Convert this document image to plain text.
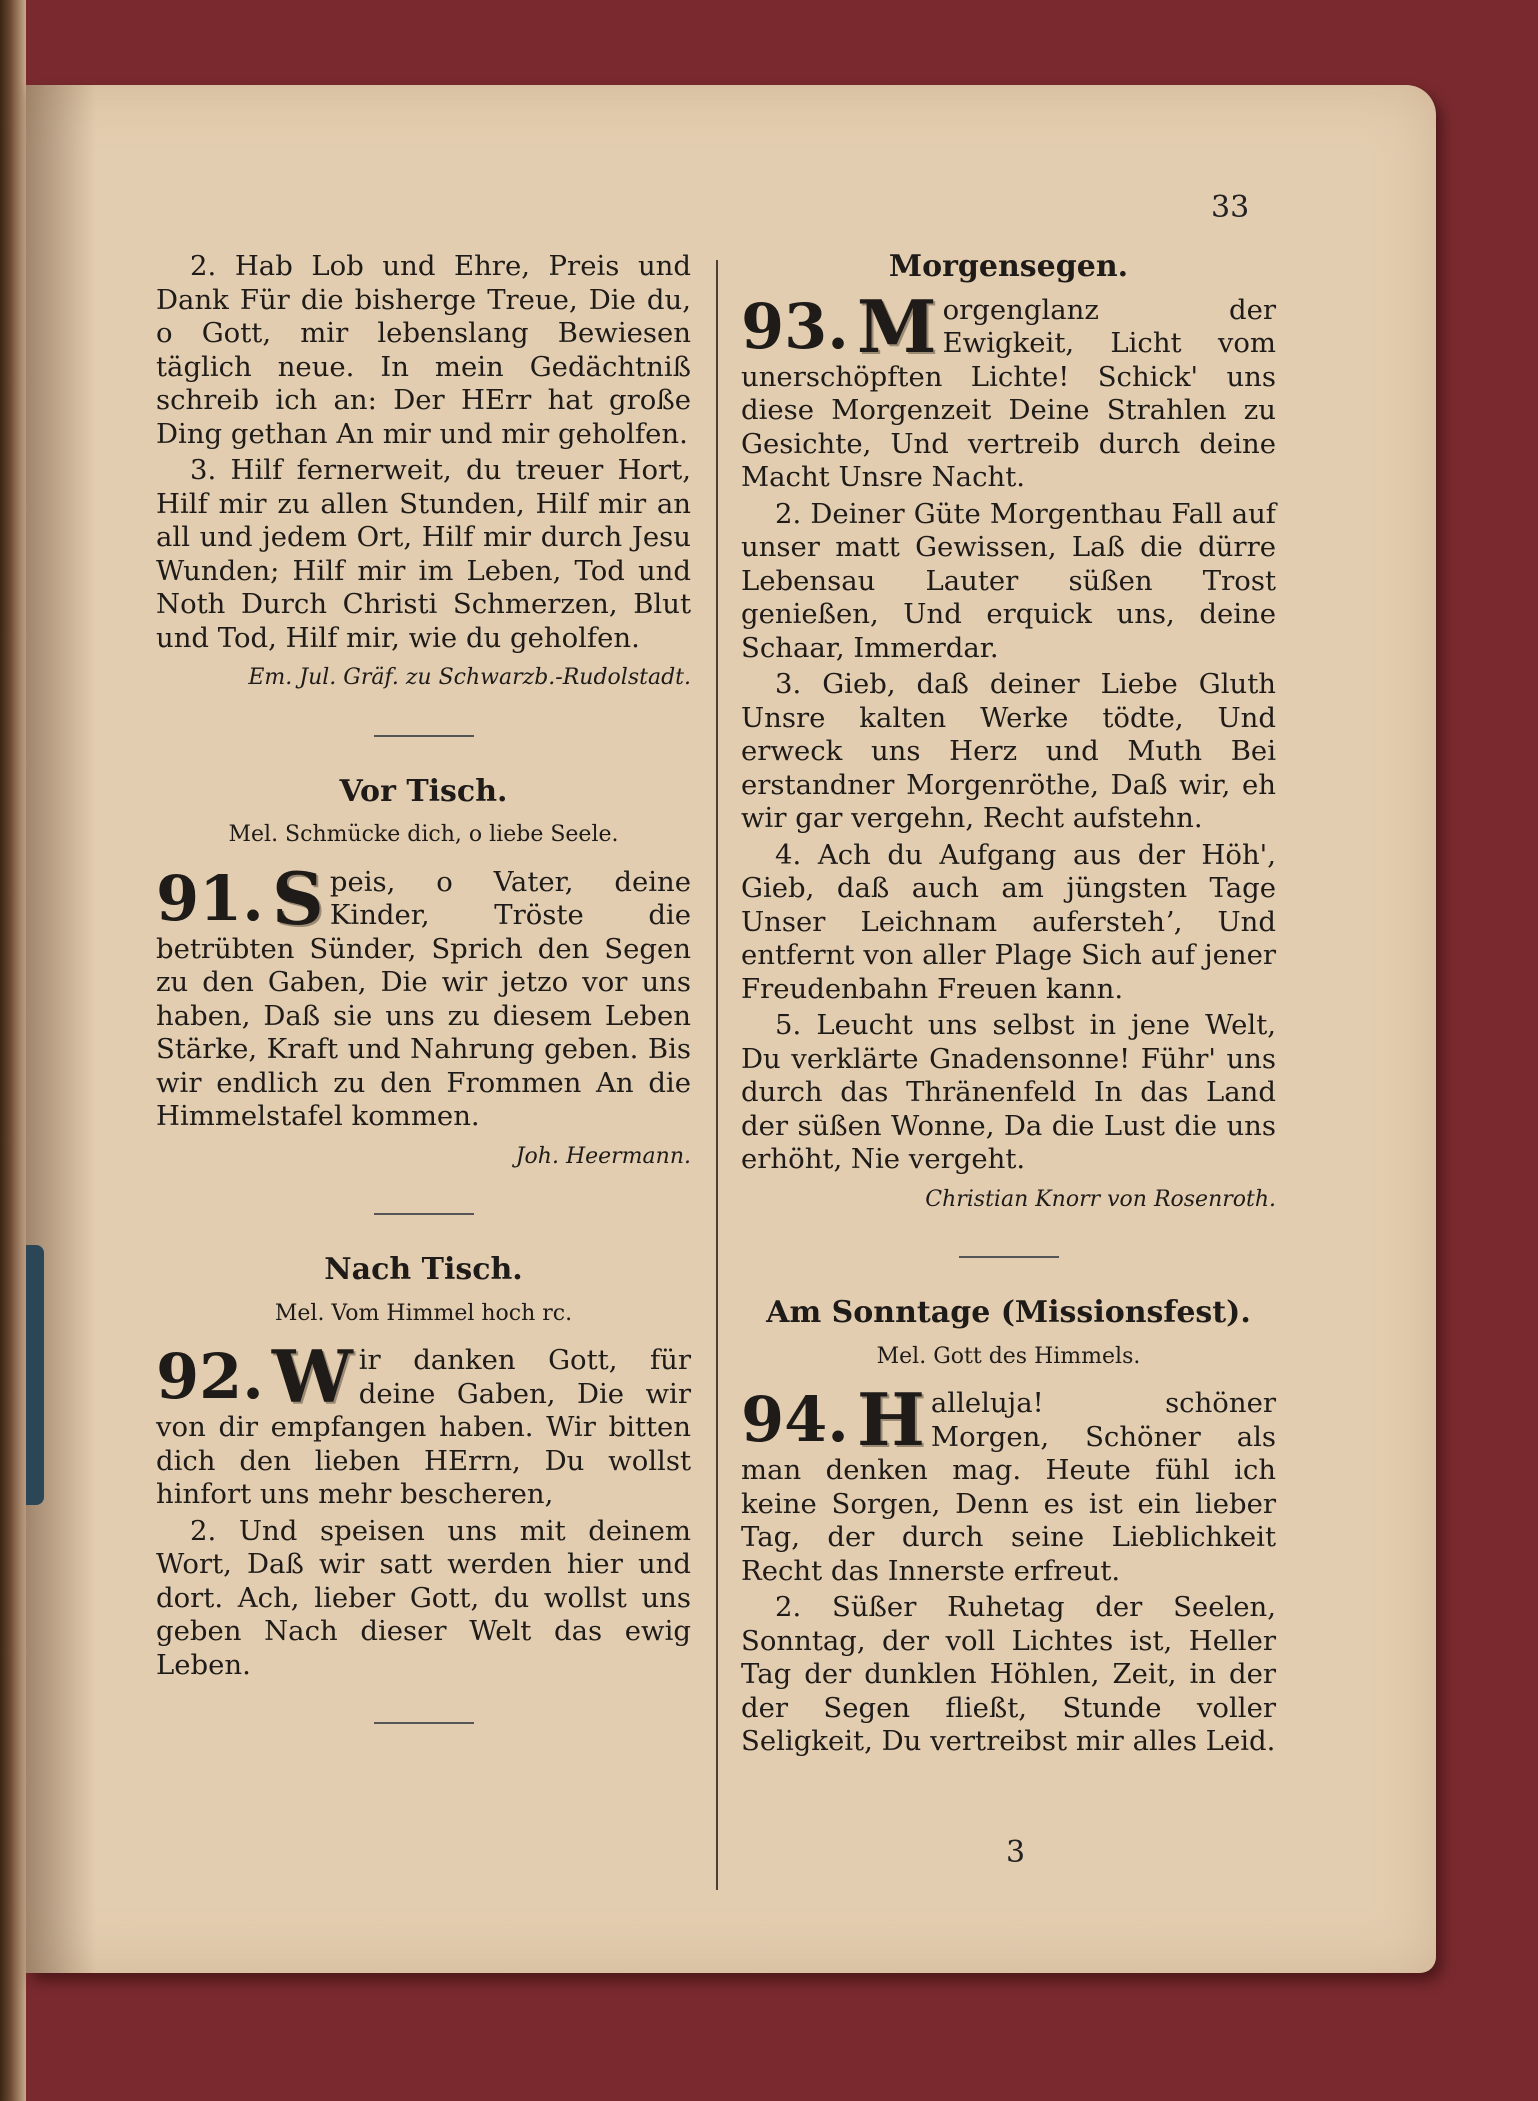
33

2. Hab Lob und Ehre, Preis und Dank Für die bisherge Treue, Die du, o Gott, mir lebenslang Bewiesen täglich neue. In mein Gedächtniß schreib ich an: Der HErr hat große Ding gethan An mir und mir geholfen.

3. Hilf fernerweit, du treuer Hort, Hilf mir zu allen Stunden, Hilf mir an all und jedem Ort, Hilf mir durch Jesu Wunden; Hilf mir im Leben, Tod und Noth Durch Christi Schmerzen, Blut und Tod, Hilf mir, wie du geholfen.

Em. Jul. Gräf. zu Schwarzb.-Rudolstadt.
Vor Tisch.
Mel. Schmücke dich, o liebe Seele.
91. S peis, o Vater, deine Kinder, Tröste die betrübten Sünder, Sprich den Segen zu den Gaben, Die wir jetzo vor uns haben, Daß sie uns zu diesem Leben Stärke, Kraft und Nahrung geben. Bis wir endlich zu den Frommen An die Himmelstafel kommen.

Joh. Heermann.
Nach Tisch.
Mel. Vom Himmel hoch rc.
92. W ir danken Gott, für deine Gaben, Die wir von dir empfangen haben. Wir bitten dich den lieben HErrn, Du wollst hinfort uns mehr bescheren,

2. Und speisen uns mit deinem Wort, Daß wir satt werden hier und dort. Ach, lieber Gott, du wollst uns geben Nach dieser Welt das ewig Leben.

Morgensegen.
93. M orgenglanz der Ewigkeit, Licht vom unerschöpften Lichte! Schick' uns diese Morgenzeit Deine Strahlen zu Gesichte, Und vertreib durch deine Macht Unsre Nacht.

2. Deiner Güte Morgenthau Fall auf unser matt Gewissen, Laß die dürre Lebensau Lauter süßen Trost genießen, Und erquick uns, deine Schaar, Immerdar.

3. Gieb, daß deiner Liebe Gluth Unsre kalten Werke tödte, Und erweck uns Herz und Muth Bei erstandner Morgenröthe, Daß wir, eh wir gar vergehn, Recht aufstehn.

4. Ach du Aufgang aus der Höh', Gieb, daß auch am jüngsten Tage Unser Leichnam auferstehʼ, Und entfernt von aller Plage Sich auf jener Freudenbahn Freuen kann.

5. Leucht uns selbst in jene Welt, Du verklärte Gnadensonne! Führ' uns durch das Thränenfeld In das Land der süßen Wonne, Da die Lust die uns erhöht, Nie vergeht.

Christian Knorr von Rosenroth.
Am Sonntage (Missionsfest).
Mel. Gott des Himmels.
94. H alleluja! schöner Morgen, Schöner als man denken mag. Heute fühl ich keine Sorgen, Denn es ist ein lieber Tag, der durch seine Lieblichkeit Recht das Innerste erfreut.

2. Süßer Ruhetag der Seelen, Sonntag, der voll Lichtes ist, Heller Tag der dunklen Höhlen, Zeit, in der der Segen fließt, Stunde voller Seligkeit, Du vertreibst mir alles Leid.

3
